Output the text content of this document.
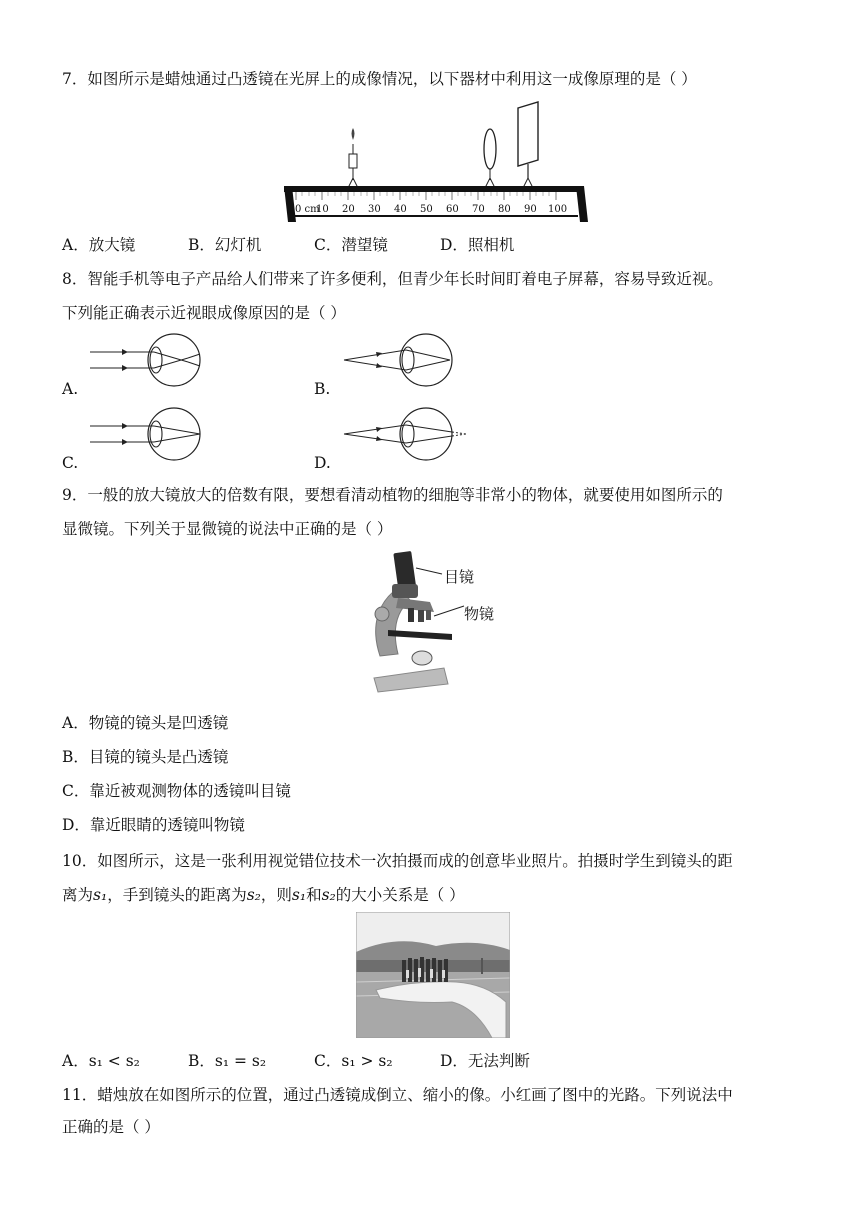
7．如图所示是蜡烛通过凸透镜在光屏上的成像情况，以下器材中利用这一成像原理的是（ ）
0 cm
10 20 30 40 50 60 70 80 90 100
A．放大镜	B．幻灯机	C．潜望镜	D．照相机
8．智能手机等电子产品给人们带来了许多便利，但青少年长时间盯着电子屏幕，容易导致近视。
下列能正确表示近视眼成像原因的是（ ）
A.	B.
C.	D.
9．一般的放大镜放大的倍数有限，要想看清动植物的细胞等非常小的物体，就要使用如图所示的
显微镜。下列关于显微镜的说法中正确的是（ ）
目镜
物镜
A．物镜的镜头是凹透镜
B．目镜的镜头是凸透镜
C．靠近被观测物体的透镜叫目镜
D．靠近眼睛的透镜叫物镜
10．如图所示，这是一张利用视觉错位技术一次拍摄而成的创意毕业照片。拍摄时学生到镜头的距
离为s₁，手到镜头的距离为s₂，则s₁和s₂的大小关系是（ ）
A．s₁ < s₂	B．s₁ = s₂	C．s₁ > s₂	D．无法判断
11．蜡烛放在如图所示的位置，通过凸透镜成倒立、缩小的像。小红画了图中的光路。下列说法中
正确的是（ ）
